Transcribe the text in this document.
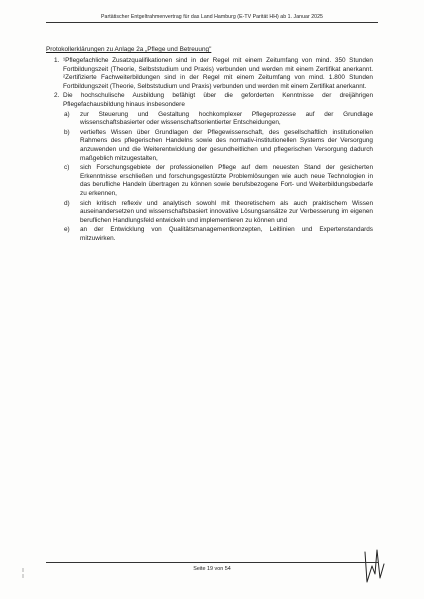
Partätischer Entgeltrahmenvertrag für das Land Hamburg (E-TV Parität HH) ab 1. Januar 2025
Protokollerklärungen zu Anlage 2a „Pflege und Betreuung"
1. ¹Pflegefachliche Zusatzqualifikationen sind in der Regel mit einem Zeitumfang von mind. 350 Stunden Fortbildungszeit (Theorie, Selbststudium und Praxis) verbunden und werden mit einem Zertifikat anerkannt. ²Zertifizierte Fachweiterbildungen sind in der Regel mit einem Zeitumfang von mind. 1.800 Stunden Fortbildungszeit (Theorie, Selbststudium und Praxis) verbunden und werden mit einem Zertifikat anerkannt.
2. Die hochschulische Ausbildung befähigt über die geforderten Kenntnisse der dreijährigen Pflegefachausbildung hinaus insbesondere
a) zur Steuerung und Gestaltung hochkomplexer Pflegeprozesse auf der Grundlage wissenschaftsbasierter oder wissenschaftsorientierter Entscheidungen,
b) vertieftes Wissen über Grundlagen der Pflegewissenschaft, des gesellschaftlich institutionellen Rahmens des pflegerischen Handelns sowie des normativ-institutionellen Systems der Versorgung anzuwenden und die Weiterentwicklung der gesundheitlichen und pflegerischen Versorgung dadurch maßgeblich mitzugestalten,
c) sich Forschungsgebiete der professionellen Pflege auf dem neuesten Stand der gesicherten Erkenntnisse erschließen und forschungsgestützte Problemlösungen wie auch neue Technologien in das berufliche Handeln übertragen zu können sowie berufsbezogene Fort- und Weiterbildungsbedarfe zu erkennen,
d) sich kritisch reflexiv und analytisch sowohl mit theoretischem als auch praktischem Wissen auseinandersetzen und wissenschaftsbasiert innovative Lösungsansätze zur Verbesserung im eigenen beruflichen Handlungsfeld entwickeln und implementieren zu können und
e) an der Entwicklung von Qualitätsmanagementkonzepten, Leitlinien und Expertenstandards mitzuwirken.
Seite 19 von 54
